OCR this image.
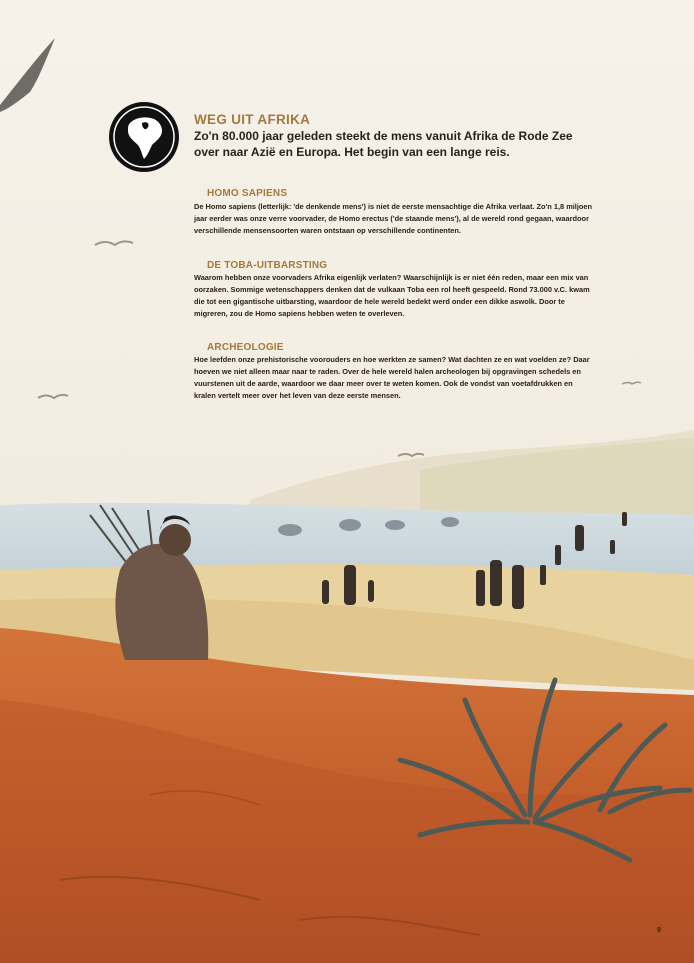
WEG UIT AFRIKA
Zo'n 80.000 jaar geleden steekt de mens vanuit Afrika de Rode Zee over naar Azië en Europa. Het begin van een lange reis.
HOMO SAPIENS
De Homo sapiens (letterlijk: 'de denkende mens') is niet de eerste mensachtige die Afrika verlaat. Zo'n 1,8 miljoen jaar eerder was onze verre voorvader, de Homo erectus ('de staande mens'), al de wereld rond gegaan, waardoor verschillende mensensoorten waren ontstaan op verschillende continenten.
DE TOBA-UITBARSTING
Waarom hebben onze voorvaders Afrika eigenlijk verlaten? Waarschijnlijk is er niet één reden, maar een mix van oorzaken. Sommige wetenschappers denken dat de vulkaan Toba een rol heeft gespeeld. Rond 73.000 v.C. kwam die tot een gigantische uitbarsting, waardoor de hele wereld bedekt werd onder een dikke aswolk. Door te migreren, zou de Homo sapiens hebben weten te overleven.
ARCHEOLOGIE
Hoe leefden onze prehistorische voorouders en hoe werkten ze samen? Wat dachten ze en wat voelden ze? Daar hoeven we niet alleen maar naar te raden. Over de hele wereld halen archeologen bij opgravingen schedels en vuurstenen uit de aarde, waardoor we daar meer over te weten komen. Ook de vondst van voetafdrukken en kralen vertelt meer over het leven van deze eerste mensen.
9
